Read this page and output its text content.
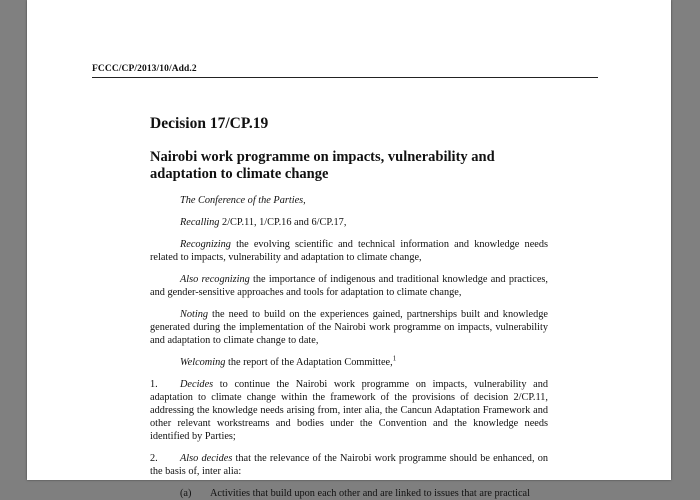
FCCC/CP/2013/10/Add.2
Decision 17/CP.19
Nairobi work programme on impacts, vulnerability and adaptation to climate change

The Conference of the Parties,

Recalling 2/CP.11, 1/CP.16 and 6/CP.17,

Recognizing the evolving scientific and technical information and knowledge needs related to impacts, vulnerability and adaptation to climate change,

Also recognizing the importance of indigenous and traditional knowledge and practices, and gender-sensitive approaches and tools for adaptation to climate change,

Noting the need to build on the experiences gained, partnerships built and knowledge generated during the implementation of the Nairobi work programme on impacts, vulnerability and adaptation to climate change to date,

Welcoming the report of the Adaptation Committee,$^1$

1. Decides to continue the Nairobi work programme on impacts, vulnerability and adaptation to climate change within the framework of the provisions of decision 2/CP.11, addressing the knowledge needs arising from, inter alia, the Cancun Adaptation Framework and other relevant workstreams and bodies under the Convention and the knowledge needs identified by Parties;

2. Also decides that the relevance of the Nairobi work programme should be enhanced, on the basis of, inter alia:

(a)	Activities that build upon each other and are linked to issues that are practical
